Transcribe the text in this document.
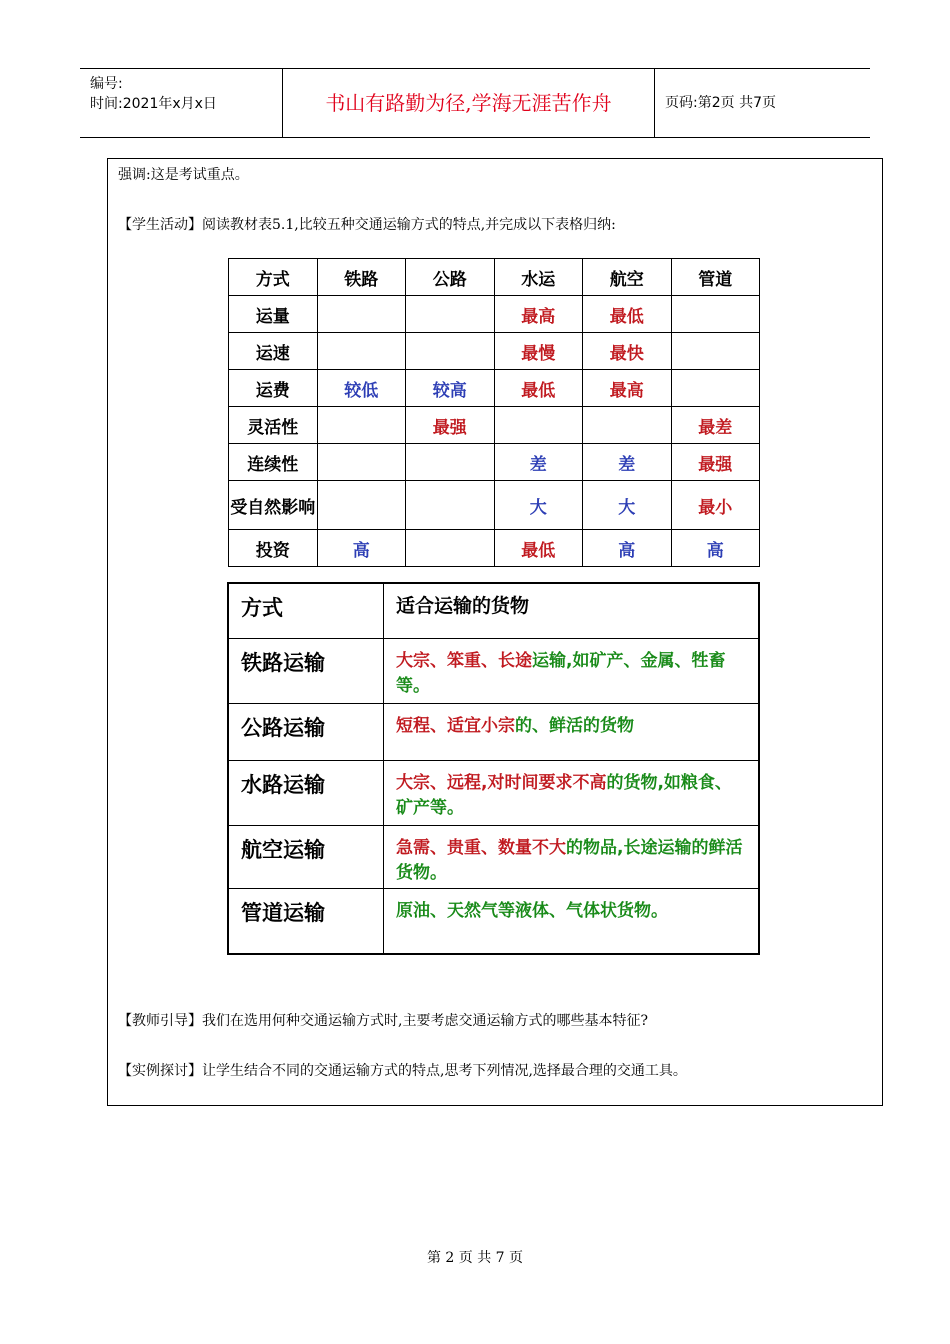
编号:
时间:2021年x月x日	书山有路勤为径,学海无涯苦作舟	页码:第2页 共7页
强调:这是考试重点。
【学生活动】阅读教材表5.1,比较五种交通运输方式的特点,并完成以下表格归纳:
方式	铁路	公路	水运	航空	管道
运量			最高	最低	
运速			最慢	最快	
运费	较低	较高	最低	最高	
灵活性		最强			最差
连续性			差	差	最强
受自然影响			大	大	最小
投资	高		最低	高	高
方式	适合运输的货物
铁路运输	大宗、笨重、长途运输,如矿产、金属、牲畜等。
公路运输	短程、适宜小宗的、鲜活的货物
水路运输	大宗、远程,对时间要求不高的货物,如粮食、矿产等。
航空运输	急需、贵重、数量不大的物品,长途运输的鲜活货物。
管道运输	原油、天然气等液体、气体状货物。
【教师引导】我们在选用何种交通运输方式时,主要考虑交通运输方式的哪些基本特征?
【实例探讨】让学生结合不同的交通运输方式的特点,思考下列情况,选择最合理的交通工具。
第 2 页 共 7 页
